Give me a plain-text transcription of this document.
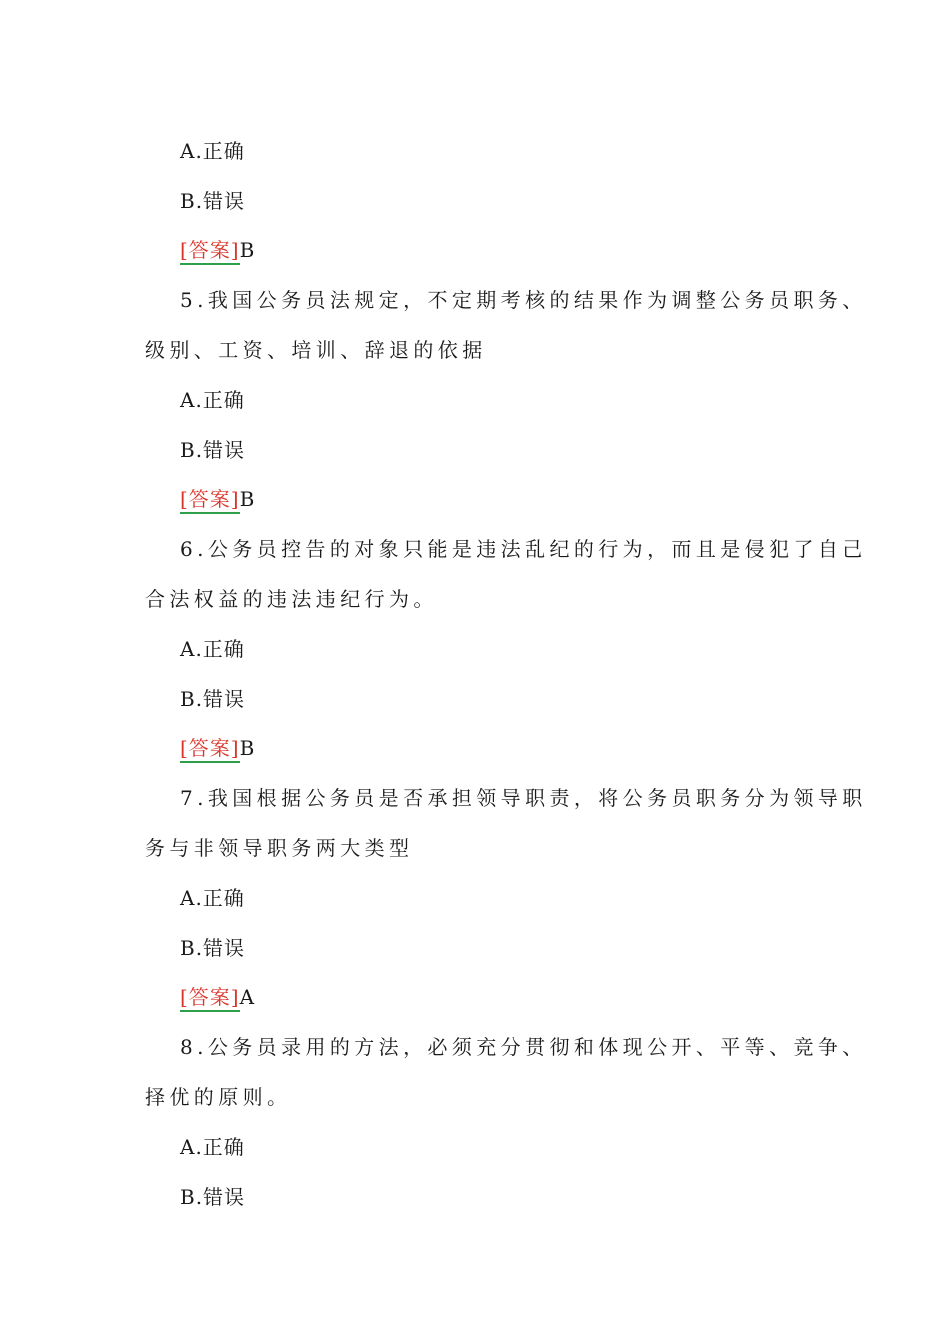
A.正确
B.错误
[答案]B
5.我国公务员法规定，不定期考核的结果作为调整公务员职务、
级别、工资、培训、辞退的依据
A.正确
B.错误
[答案]B
6.公务员控告的对象只能是违法乱纪的行为，而且是侵犯了自己
合法权益的违法违纪行为。
A.正确
B.错误
[答案]B
7.我国根据公务员是否承担领导职责，将公务员职务分为领导职
务与非领导职务两大类型
A.正确
B.错误
[答案]A
8.公务员录用的方法，必须充分贯彻和体现公开、平等、竞争、
择优的原则。
A.正确
B.错误
